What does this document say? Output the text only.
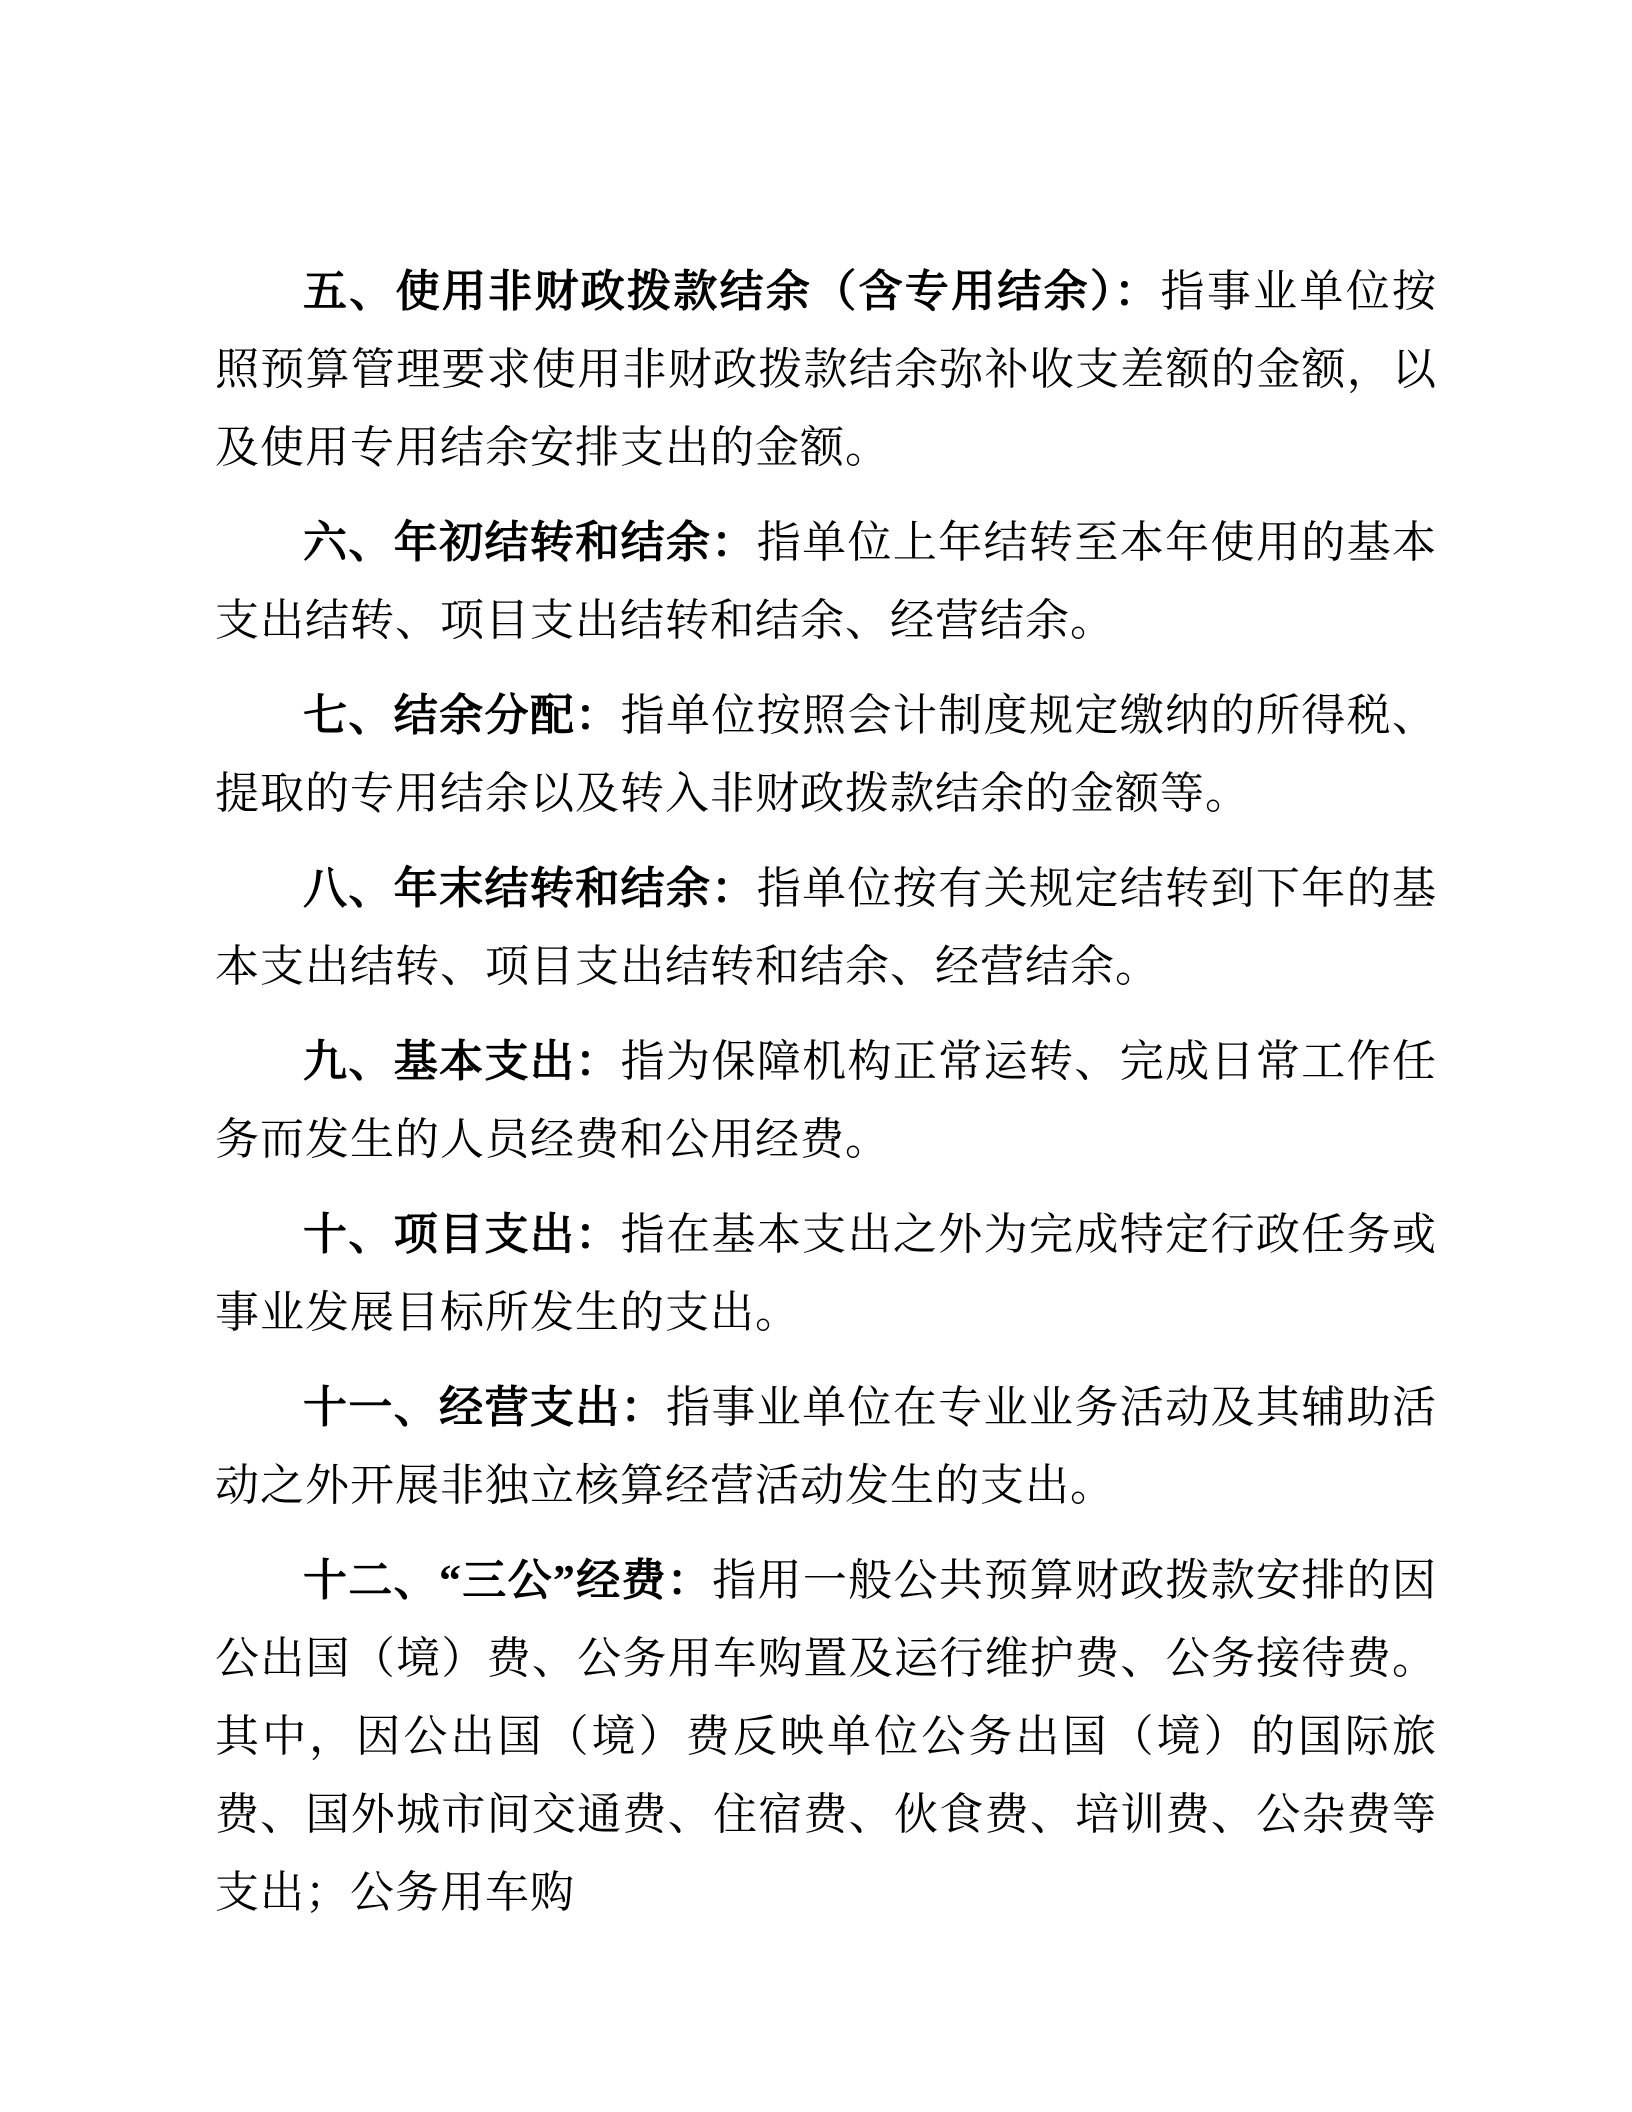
五、使用非财政拨款结余（含专用结余）：指事业单位按照预算管理要求使用非财政拨款结余弥补收支差额的金额，以及使用专用结余安排支出的金额。

六、年初结转和结余：指单位上年结转至本年使用的基本支出结转、项目支出结转和结余、经营结余。

七、结余分配：指单位按照会计制度规定缴纳的所得税、提取的专用结余以及转入非财政拨款结余的金额等。

八、年末结转和结余：指单位按有关规定结转到下年的基本支出结转、项目支出结转和结余、经营结余。

九、基本支出：指为保障机构正常运转、完成日常工作任务而发生的人员经费和公用经费。

十、项目支出：指在基本支出之外为完成特定行政任务或事业发展目标所发生的支出。

十一、经营支出：指事业单位在专业业务活动及其辅助活动之外开展非独立核算经营活动发生的支出。

十二、“三公”经费：指用一般公共预算财政拨款安排的因公出国（境）费、公务用车购置及运行维护费、公务接待费。其中，因公出国（境）费反映单位公务出国（境）的国际旅费、国外城市间交通费、住宿费、伙食费、培训费、公杂费等支出；公务用车购
